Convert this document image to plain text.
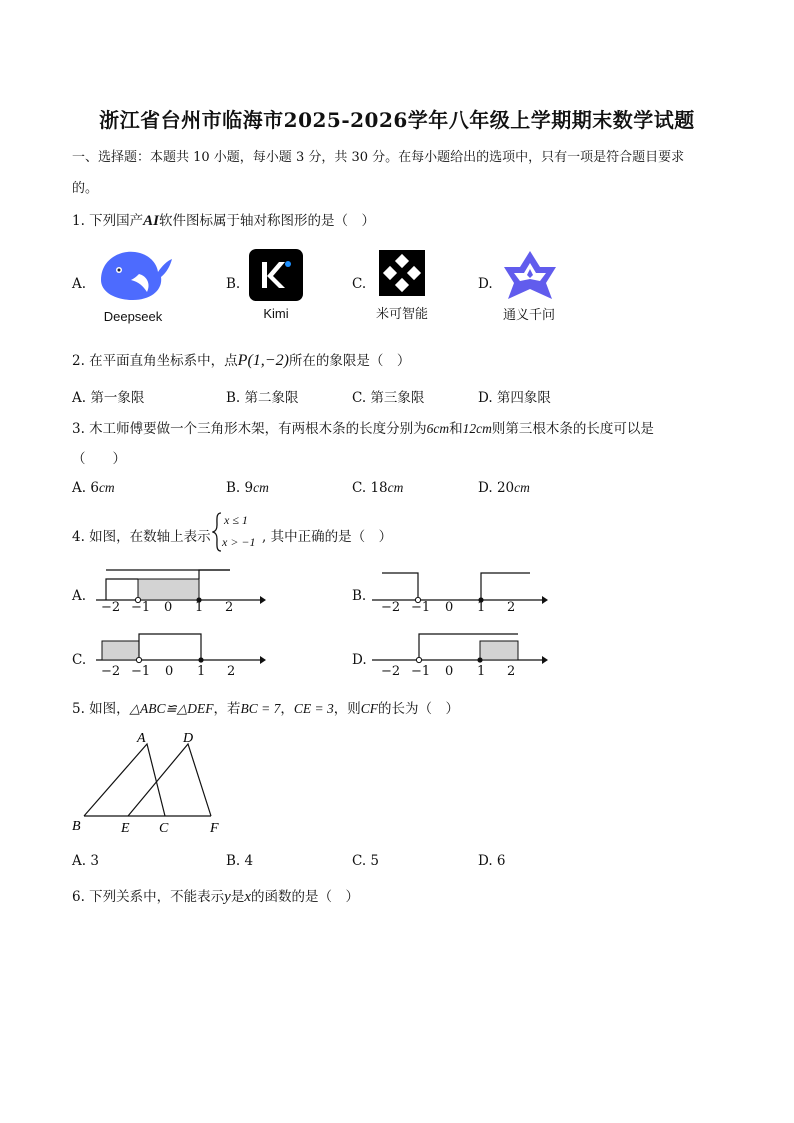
浙江省台州市临海市2025-2026学年八年级上学期期末数学试题
一、选择题：本题共 10 小题，每小题 3 分，共 30 分。在每小题给出的选项中，只有一项是符合题目要求
的。
1. 下列国产AI软件图标属于轴对称图形的是（　）
A.
Deepseek
B.
Kimi
C.
米可智能
D.
通义千问
2. 在平面直角坐标系中，点P(1,−2)所在的象限是（　）
A. 第一象限	B. 第二象限	C. 第三象限	D. 第四象限
3. 木工师傅要做一个三角形木架，有两根木条的长度分别为6cm和12cm则第三根木条的长度可以是
（　　）
A. 6cm	B. 9cm	C. 18cm	D. 20cm
4. 如图，在数轴上表示
x ≤ 1
x > −1 , 其中正确的是（　）
A.
−2 −1 0 1 2
B.
−2 −1 0 1 2
C.
−2 −1 0 1 2
D.
−2 −1 0 1 2
5. 如图，△ABC≌△DEF，若BC = 7，CE = 3，则CF的长为（　）
A	D
B	E C	F
A. 3	B. 4	C. 5	D. 6
6. 下列关系中，不能表示y是x的函数的是（　）
